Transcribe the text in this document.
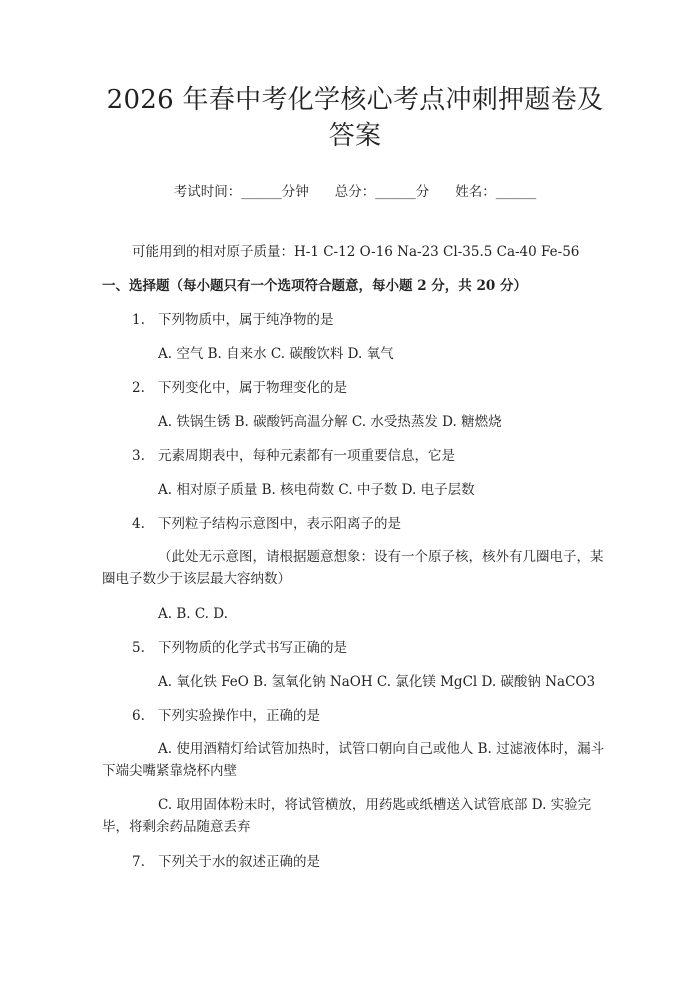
2026 年春中考化学核心考点冲刺押题卷及答案
考试时间：______分钟 总分：______分 姓名：______
可能用到的相对原子质量：H-1 C-12 O-16 Na-23 Cl-35.5 Ca-40 Fe-56
一、选择题（每小题只有一个选项符合题意，每小题 2 分，共 20 分）
1. 下列物质中，属于纯净物的是
A. 空气 B. 自来水 C. 碳酸饮料 D. 氧气
2. 下列变化中，属于物理变化的是
A. 铁锅生锈 B. 碳酸钙高温分解 C. 水受热蒸发 D. 糖燃烧
3. 元素周期表中，每种元素都有一项重要信息，它是
A. 相对原子质量 B. 核电荷数 C. 中子数 D. 电子层数
4. 下列粒子结构示意图中，表示阳离子的是
（此处无示意图，请根据题意想象：设有一个原子核，核外有几圈电子，某圈电子数少于该层最大容纳数）
A. B. C. D.
5. 下列物质的化学式书写正确的是
A. 氧化铁 FeO B. 氢氧化钠 NaOH C. 氯化镁 MgCl D. 碳酸钠 NaCO3
6. 下列实验操作中，正确的是
A. 使用酒精灯给试管加热时，试管口朝向自己或他人 B. 过滤液体时，漏斗下端尖嘴紧靠烧杯内壁
C. 取用固体粉末时，将试管横放，用药匙或纸槽送入试管底部 D. 实验完毕，将剩余药品随意丢弃
7. 下列关于水的叙述正确的是
